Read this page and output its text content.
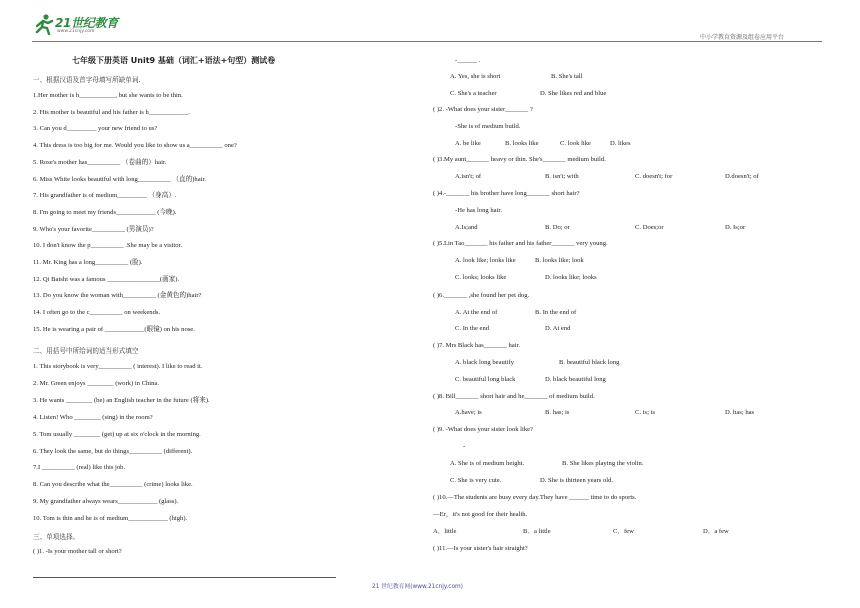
21世纪教育
www.21cnjy.com
中小学教育资源及组卷应用平台
七年级下册英语 Unit9 基础（词汇+语法+句型）测试卷
一、根据汉语及首字母填写所缺单词.
1.Her mother is h___________, but she wants to be thin.
2. His mother is beautiful and his father is h____________.
3. Can you d_________ your new friend to us?
4. This dress is too big for me. Would you like to show us a__________ one?
5. Rose's mother has__________ （卷曲的）hair.
6. Miss White looks beautiful with long__________ （直的)hair.
7. His grandfather is of medium_________ （身高）.
8. I'm going to meet my friends____________ (今晚).
9. Who's your favorite__________ (男演员)?
10. I don't know the p__________ .She may be a visitor.
11. Mr. King has a long__________ (脸).
12. Qi Baishi was a famous ________________(画家).
13. Do you know the woman with__________ (金黄色的)hair?
14. I often go to the c__________ on weekends.
15. He is wearing a pair of ____________(眼镜) on his nose.
二、用括号中所给词的适当形式填空
1. This storybook is very__________ ( interest). I like to read it.
2. Mr. Green enjoys ________ (work) in China.
3. He wants ________ (be) an English teacher in the future (将来).
4. Listen! Who ________ (sing) in the room?
5. Tom usually ________ (get) up at six o'clock in the morning.
6. They look the same, but do things__________ (different).
7.I __________ (real) like this job.
8. Can you describe what the__________ (crime) looks like.
9. My grandfather always wears____________ (glass).
10. Tom is thin and he is of medium____________ (high).
三、单项选择。
( )1. -Is your mother tall or short?
-______ .
A. Yes, she is short	B. She's tall
C. She's a teacher	D. She likes red and blue
( )2. -What does your sister_______ ?
-She is of medium build.
A. be like	B. looks like	C. look like	D. likes
( )3.My aunt_______ heavy or thin. She's_______ medium build.
A.isn't; of	B. isn't; with	C. doesn't; for	D.doesn't; of
( )4.-_______ his brother have long_______ short hair?
-He has long hair.
A.Is;and	B. Do; or	C. Does;or	D. Is;or
( )5.Lin Tao_______ his father and his father_______ very young.
A. look like; looks like	B. looks like; look
C. looks; looks like	D. looks like; looks
( )6._______ ,she found her pet dog.
A. At the end of	B. In the end of
C. In the end	D. At end
( )7. Mrs Black has_______ hair.
A. black long beautify	B. beautiful black long
C. beautiful long black	D. black beautiful long
( )8. Bill_______ short hair and he_______ of medium build.
A.have; is	B. has; is	C. is; is	D. has; has
( )9. -What does your sister look like?
-
A. She is of medium height.	B. She likes playing the violin.
C. She is very cute.	D. She is thirteen years old.
( )10.—The students are busy every day.They have ______ time to do sports.
—Er，it's not good for their health.
A．little	B．a little	C．few	D．a few
( )11.—Is your sister's hair straight?
21 世纪教育网(www.21cnjy.com)
